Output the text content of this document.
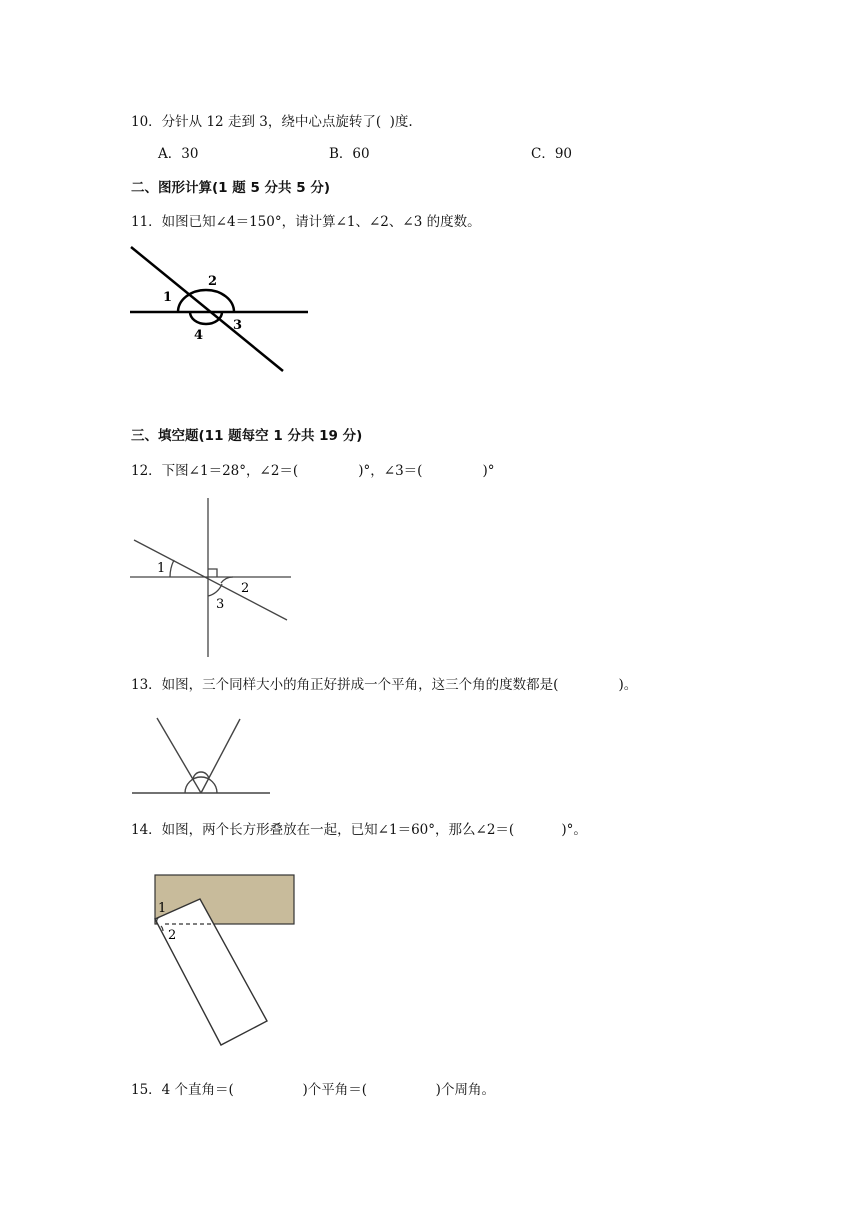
10．分针从 12 走到 3，绕中心点旋转了(  )度.
A．30	B．60	C．90
二、图形计算(1 题 5 分共 5 分)
11．如图已知∠4＝150°，请计算∠1、∠2、∠3 的度数。
1
2
3
4
三、填空题(11 题每空 1 分共 19 分)
12．下图∠1＝28°，∠2＝(              )°，∠3＝(              )°
1
2
3
13．如图，三个同样大小的角正好拼成一个平角，这三个角的度数都是(              )。
14．如图，两个长方形叠放在一起，已知∠1＝60°，那么∠2＝(           )°。
1
2
15．4 个直角＝(                )个平角＝(                )个周角。
